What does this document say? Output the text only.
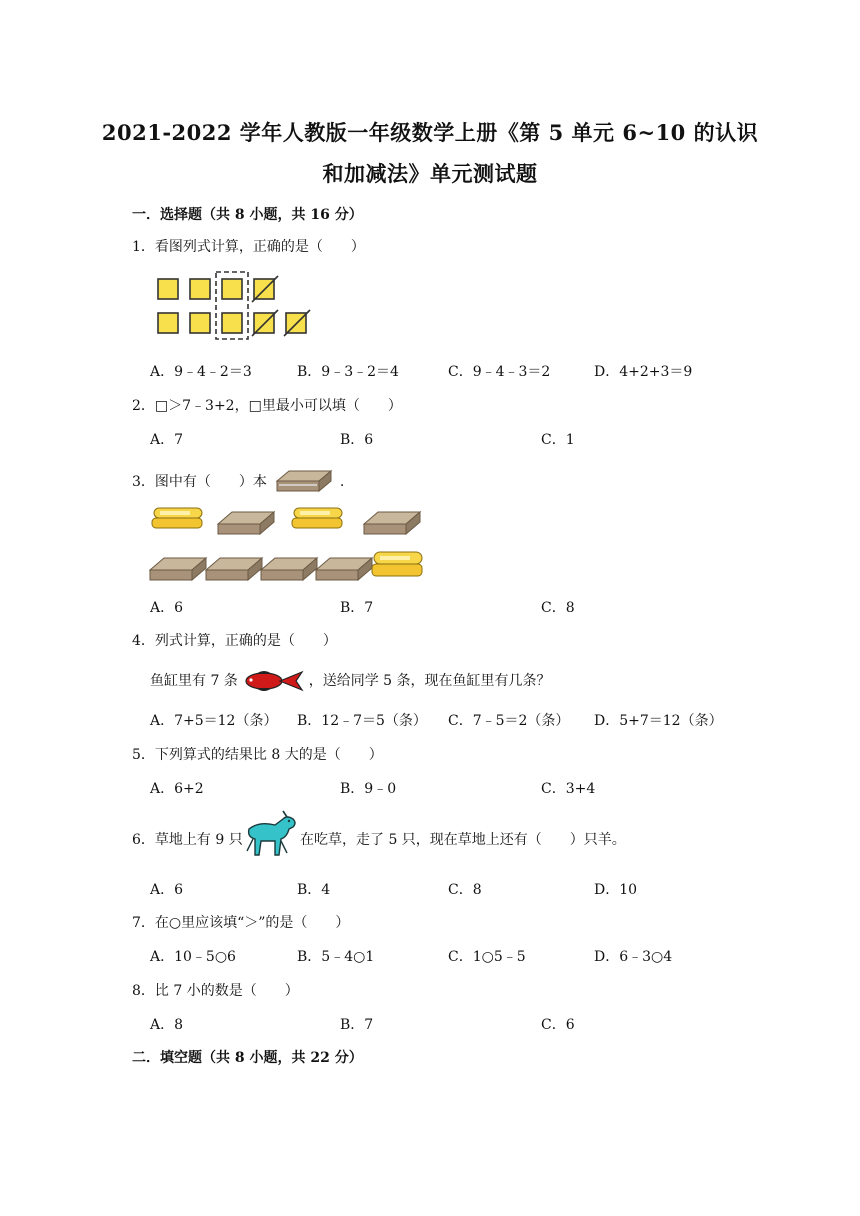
2021-2022 学年人教版一年级数学上册《第 5 单元 6~10 的认识
和加减法》单元测试题
一．选择题（共 8 小题，共 16 分）
1．看图列式计算，正确的是（　　）
A．9﹣4﹣2＝3	B．9﹣3﹣2＝4	C．9﹣4﹣3＝2	D．4+2+3＝9
2．□＞7﹣3+2，□里最小可以填（　　）
A．7	B．6	C．1
3．图中有（　　）本	.
A．6	B．7	C．8
4．列式计算，正确的是（　　）
鱼缸里有 7 条	，送给同学 5 条，现在鱼缸里有几条？
A．7+5＝12（条） B．12﹣7＝5（条） C．7﹣5＝2（条） D．5+7＝12（条）
5．下列算式的结果比 8 大的是（　　）
A．6+2	B．9﹣0	C．3+4
6．草地上有 9 只	在吃草，走了 5 只，现在草地上还有（　　）只羊。
A．6	B．4	C．8	D．10
7．在○里应该填“＞”的是（　　）
A．10﹣5○6	B．5﹣4○1	C．1○5﹣5	D．6﹣3○4
8．比 7 小的数是（　　）
A．8	B．7	C．6
二．填空题（共 8 小题，共 22 分）
